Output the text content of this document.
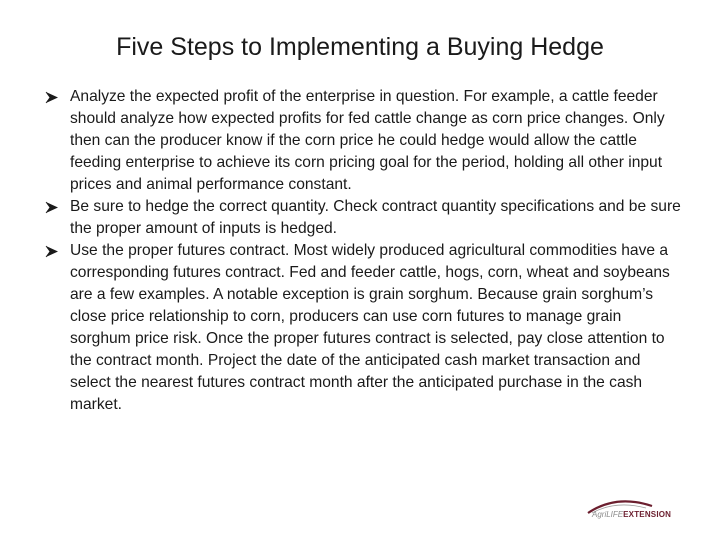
Five Steps to Implementing a Buying Hedge
Analyze the expected profit of the enterprise in question. For example, a cattle feeder should analyze how expected profits for fed cattle change as corn price changes. Only then can the producer know if the corn price he could hedge would allow the cattle feeding enterprise to achieve its corn pricing goal for the period, holding all other input prices and animal performance constant.
Be sure to hedge the correct quantity. Check contract quantity specifications and be sure the proper amount of inputs is hedged.
Use the proper futures contract. Most widely produced agricultural commodities have a corresponding futures contract. Fed and feeder cattle, hogs, corn, wheat and soybeans are a few examples. A notable exception is grain sorghum. Because grain sorghum’s close price relationship to corn, producers can use corn futures to manage grain sorghum price risk. Once the proper futures contract is selected, pay close attention to the contract month. Project the date of the anticipated cash market transaction and select the nearest futures contract month after the anticipated purchase in the cash market.
AgriLIFEEXTENSION
